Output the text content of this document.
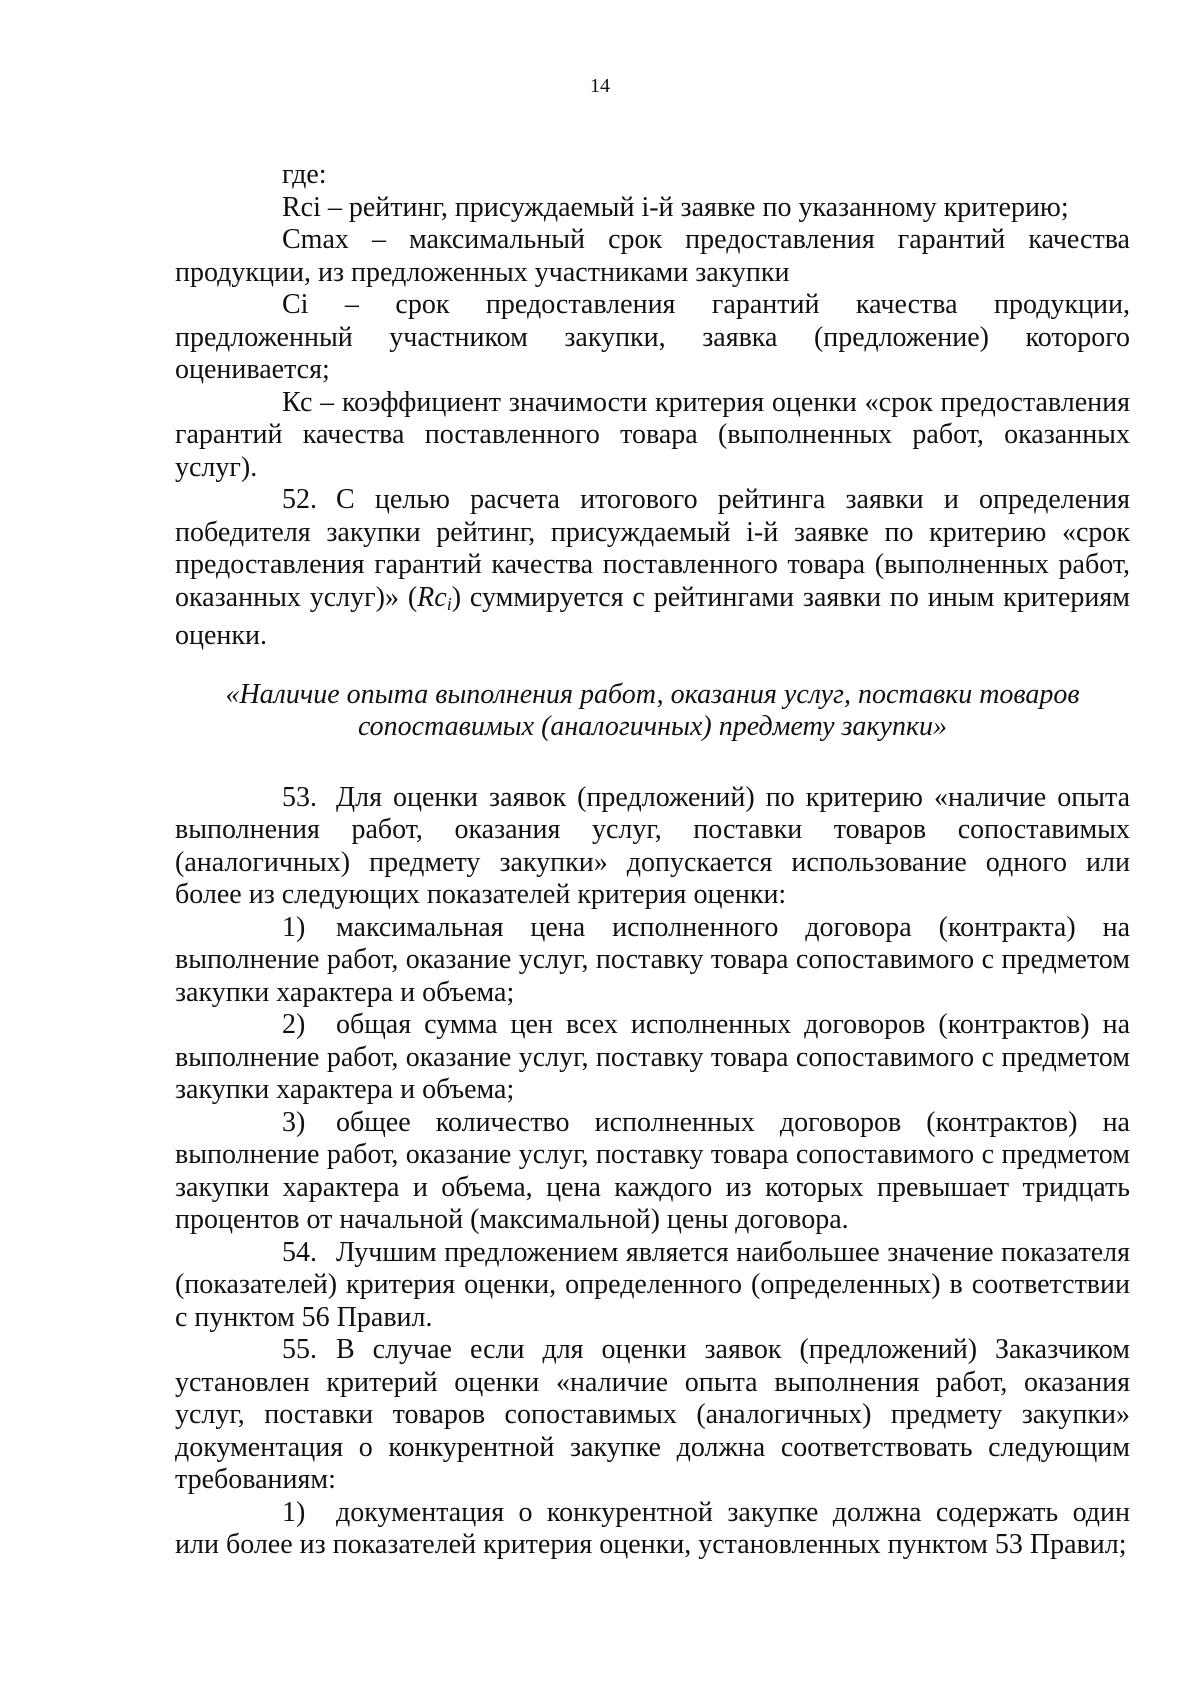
14

где:

Rci – рейтинг, присуждаемый i-й заявке по указанному критерию;

Cmax – максимальный срок предоставления гарантий качества продукции, из предложенных участниками закупки

Ci – срок предоставления гарантий качества продукции, предложенный участником закупки, заявка (предложение) которого оценивается;

Кс – коэффициент значимости критерия оценки «срок предоставления гарантий качества поставленного товара (выполненных работ, оказанных услуг).

52. С целью расчета итогового рейтинга заявки и определения победителя закупки рейтинг, присуждаемый i-й заявке по критерию «срок предоставления гарантий качества поставленного товара (выполненных работ, оказанных услуг)» $(Rc_i)$ суммируется с рейтингами заявки по иным критериям оценки.

«Наличие опыта выполнения работ, оказания услуг, поставки товаров
сопоставимых (аналогичных) предмету закупки»

53. Для оценки заявок (предложений) по критерию «наличие опыта выполнения работ, оказания услуг, поставки товаров сопоставимых (аналогичных) предмету закупки» допускается использование одного или более из следующих показателей критерия оценки:

1) максимальная цена исполненного договора (контракта) на выполнение работ, оказание услуг, поставку товара сопоставимого с предметом закупки характера и объема;

2) общая сумма цен всех исполненных договоров (контрактов) на выполнение работ, оказание услуг, поставку товара сопоставимого с предметом закупки характера и объема;

3) общее количество исполненных договоров (контрактов) на выполнение работ, оказание услуг, поставку товара сопоставимого с предметом закупки характера и объема, цена каждого из которых превышает тридцать процентов от начальной (максимальной) цены договора.

54. Лучшим предложением является наибольшее значение показателя (показателей) критерия оценки, определенного (определенных) в соответствии с пунктом 56 Правил.

55. В случае если для оценки заявок (предложений) Заказчиком установлен критерий оценки «наличие опыта выполнения работ, оказания услуг, поставки товаров сопоставимых (аналогичных) предмету закупки» документация о конкурентной закупке должна соответствовать следующим требованиям:

1) документация о конкурентной закупке должна содержать один или более из показателей критерия оценки, установленных пунктом 53 Правил;
